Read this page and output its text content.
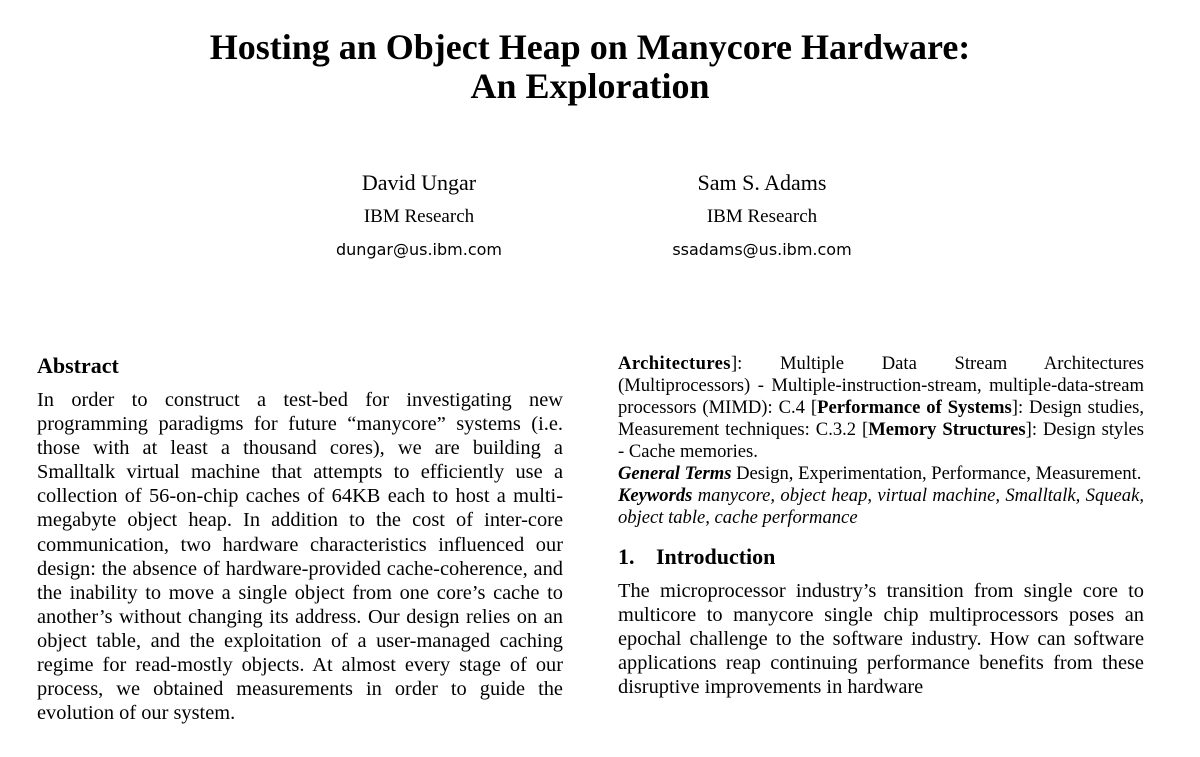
Hosting an Object Heap on Manycore Hardware:
An Exploration
David Ungar
IBM Research
dungar@us.ibm.com
Sam S. Adams
IBM Research
ssadams@us.ibm.com
Abstract

In order to construct a test-bed for investigating new programming paradigms for future “manycore” systems (i.e. those with at least a thousand cores), we are building a Smalltalk virtual machine that attempts to efficiently use a collection of 56-on-chip caches of 64KB each to host a multi-megabyte object heap. In addition to the cost of inter-core communication, two hardware characteristics influenced our design: the absence of hardware-provided cache-coherence, and the inability to move a single object from one core’s cache to another’s without changing its address. Our design relies on an object table, and the exploitation of a user-managed caching regime for read-mostly objects. At almost every stage of our process, we obtained measurements in order to guide the evolution of our system.

Architectures]: Multiple Data Stream Architectures (Multiprocessors) - Multiple-instruction-stream, multiple-data-stream processors (MIMD): C.4 [Performance of Systems]: Design studies, Measurement techniques: C.3.2 [Memory Structures]: Design styles - Cache memories.

General Terms Design, Experimentation, Performance, Measurement.

Keywords manycore, object heap, virtual machine, Smalltalk, Squeak, object table, cache performance

1. Introduction

The microprocessor industry’s transition from single core to multicore to manycore single chip multiprocessors poses an epochal challenge to the software industry. How can software applications reap continuing performance benefits from these disruptive improvements in hardware
